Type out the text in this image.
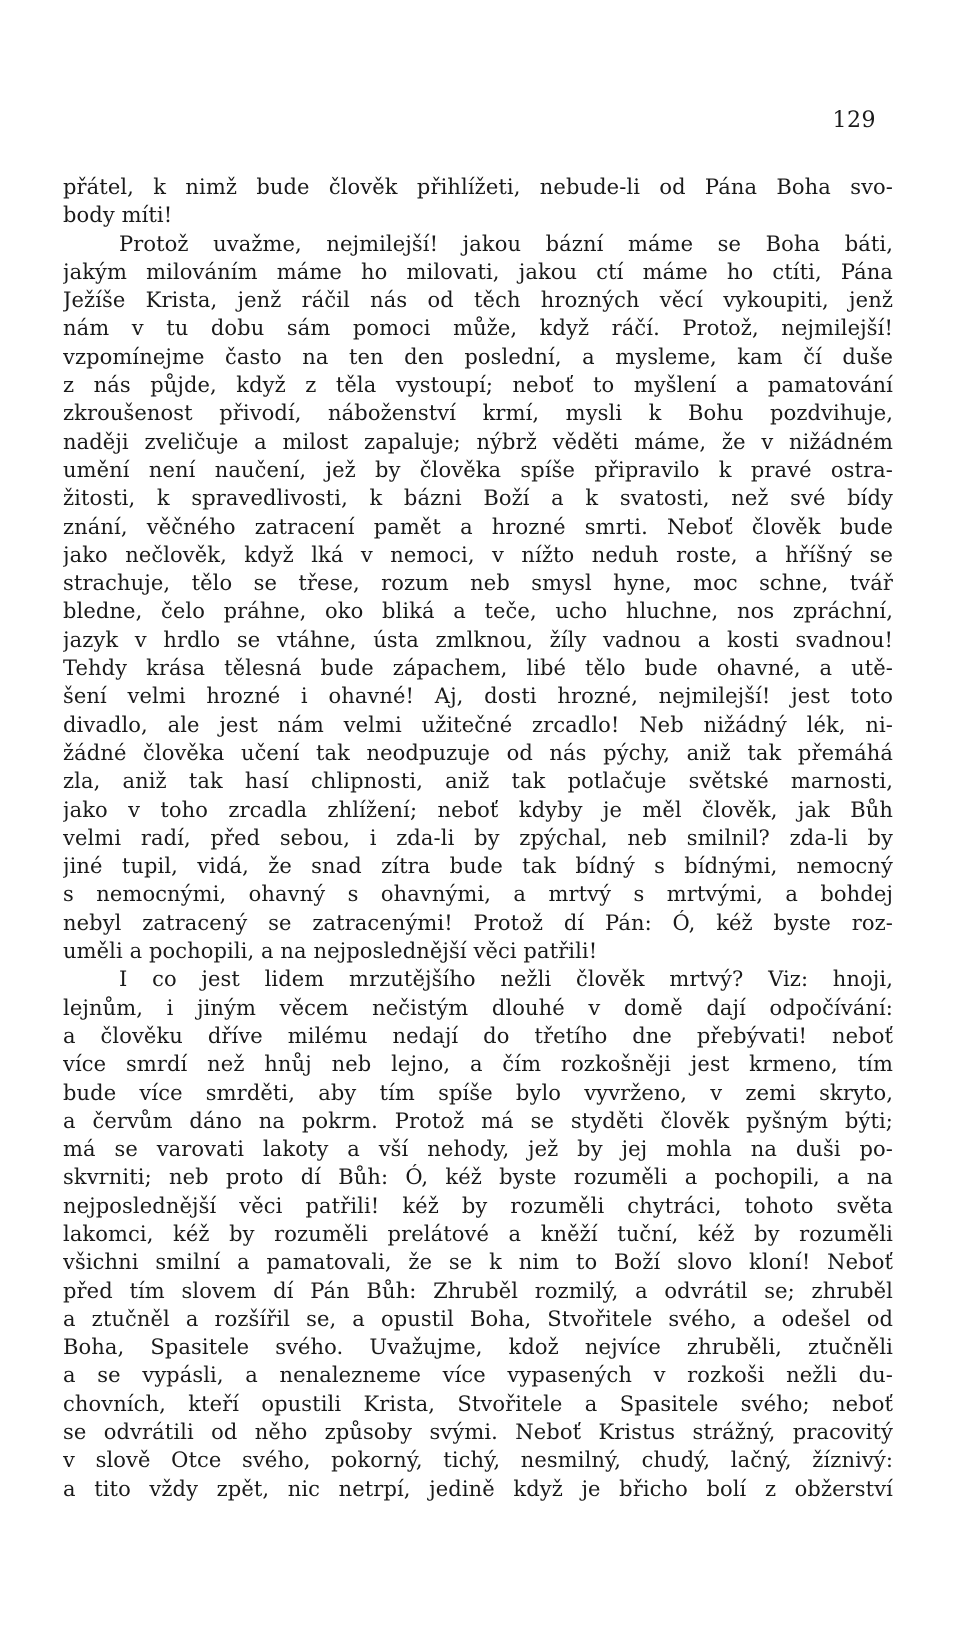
129
přátel, k nimž bude člověk přihlížeti, nebude-li od Pána Boha svo-
body míti!
Protož uvažme, nejmilejší! jakou bázní máme se Boha báti,
jakým milováním máme ho milovati, jakou ctí máme ho ctíti, Pána
Ježíše Krista, jenž ráčil nás od těch hrozných věcí vykoupiti, jenž
nám v tu dobu sám pomoci může, když ráčí. Protož, nejmilejší!
vzpomínejme často na ten den poslední, a mysleme, kam čí duše
z nás půjde, když z těla vystoupí; neboť to myšlení a pamatování
zkroušenost přivodí, náboženství krmí, mysli k Bohu pozdvihuje,
naději zveličuje a milost zapaluje; nýbrž věděti máme, že v nižádném
umění není naučení, jež by člověka spíše připravilo k pravé ostra-
žitosti, k spravedlivosti, k bázni Boží a k svatosti, než své bídy
znání, věčného zatracení pamět a hrozné smrti. Neboť člověk bude
jako nečlověk, když lká v nemoci, v nížto neduh roste, a hříšný se
strachuje, tělo se třese, rozum neb smysl hyne, moc schne, tvář
bledne, čelo práhne, oko bliká a teče, ucho hluchne, nos zpráchní,
jazyk v hrdlo se vtáhne, ústa zmlknou, žíly vadnou a kosti svadnou!
Tehdy krása tělesná bude zápachem, libé tělo bude ohavné, a utě-
šení velmi hrozné i ohavné! Aj, dosti hrozné, nejmilejší! jest toto
divadlo, ale jest nám velmi užitečné zrcadlo! Neb nižádný lék, ni-
žádné člověka učení tak neodpuzuje od nás pýchy, aniž tak přemáhá
zla, aniž tak hasí chlipnosti, aniž tak potlačuje světské marnosti,
jako v toho zrcadla zhlížení; neboť kdyby je měl člověk, jak Bůh
velmi radí, před sebou, i zda-li by zpýchal, neb smilnil? zda-li by
jiné tupil, vidá, že snad zítra bude tak bídný s bídnými, nemocný
s nemocnými, ohavný s ohavnými, a mrtvý s mrtvými, a bohdej
nebyl zatracený se zatracenými! Protož dí Pán: Ó, kéž byste roz-
uměli a pochopili, a na nejposlednější věci patřili!
I co jest lidem mrzutějšího nežli člověk mrtvý? Viz: hnoji,
lejnům, i jiným věcem nečistým dlouhé v domě dají odpočívání:
a člověku dříve milému nedají do třetího dne přebývati! neboť
více smrdí než hnůj neb lejno, a čím rozkošněji jest krmeno, tím
bude více smrděti, aby tím spíše bylo vyvrženo, v zemi skryto,
a červům dáno na pokrm. Protož má se styděti člověk pyšným býti;
má se varovati lakoty a vší nehody, jež by jej mohla na duši po-
skvrniti; neb proto dí Bůh: Ó, kéž byste rozuměli a pochopili, a na
nejposlednější věci patřili! kéž by rozuměli chytráci, tohoto světa
lakomci, kéž by rozuměli prelátové a kněží tuční, kéž by rozuměli
všichni smilní a pamatovali, že se k nim to Boží slovo kloní! Neboť
před tím slovem dí Pán Bůh: Zhruběl rozmilý, a odvrátil se; zhruběl
a ztučněl a rozšířil se, a opustil Boha, Stvořitele svého, a odešel od
Boha, Spasitele svého. Uvažujme, kdož nejvíce zhruběli, ztučněli
a se vypásli, a nenalezneme více vypasených v rozkoši nežli du-
chovních, kteří opustili Krista, Stvořitele a Spasitele svého; neboť
se odvrátili od něho způsoby svými. Neboť Kristus strážný, pracovitý
v slově Otce svého, pokorný, tichý, nesmilný, chudý, lačný, žíznivý:
a tito vždy zpět, nic netrpí, jedině když je břicho bolí z obžerství
